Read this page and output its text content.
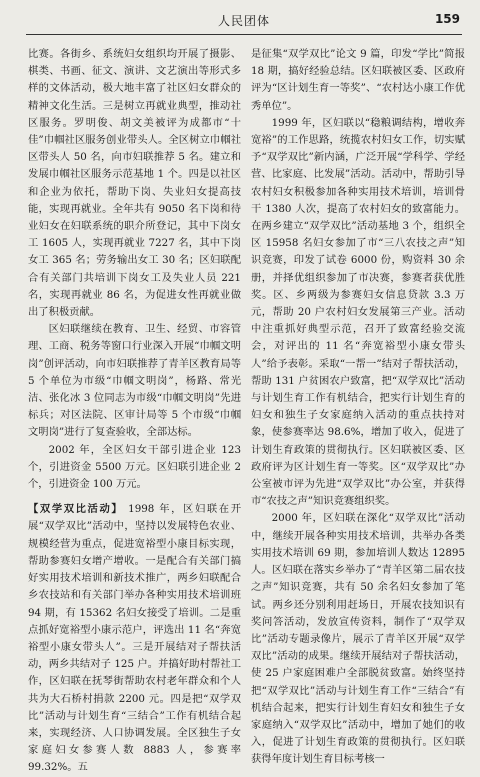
人民团体	159

比赛。各街乡、系统妇女组织均开展了摄影、棋类、书画、征文、演讲、文艺演出等形式多样的文体活动，极大地丰富了社区妇女群众的精神文化生活。三是树立再就业典型，推动社区服务。罗明俊、胡文美被评为成都市“十佳”巾帼社区服务创业带头人。全区树立巾帼社区带头人 50 名，向市妇联推荐 5 名。建立和发展巾帼社区服务示范基地 1 个。四是以社区和企业为依托，帮助下岗、失业妇女提高技能，实现再就业。全年共有 9050 名下岗和待业妇女在妇联系统的职介所登记，其中下岗女工 1605 人，实现再就业 7227 名，其中下岗女工 365 名；劳务输出女工 30 名；区妇联配合有关部门共培训下岗女工及失业人员 221 名，实现再就业 86 名，为促进女性再就业做出了积极贡献。

区妇联继续在教育、卫生、经贸、市容管理、工商、税务等窗口行业深入开展“巾帼文明岗”创评活动，向市妇联推荐了青羊区教育局等 5 个单位为市级“巾帼文明岗”，杨路、常光洁、张化冰 3 位同志为市级“巾帼文明岗”先进标兵；对区法院、区审计局等 5 个市级“巾帼文明岗”进行了复查验收，全部达标。

2002 年，全区妇女干部引进企业 123 个，引进资金 5500 万元。区妇联引进企业 2 个，引进资金 100 万元。

【双学双比活动】 1998 年，区妇联在开展“双学双比”活动中，坚持以发展特色农业、规模经营为重点，促进宽裕型小康目标实现，帮助参赛妇女增产增收。一是配合有关部门搞好实用技术培训和新技术推广，两乡妇联配合乡农技站和有关部门举办各种实用技术培训班 94 期，有 15362 名妇女接受了培训。二是重点抓好宽裕型小康示范户，评选出 11 名“奔宽裕型小康女带头人”。三是开展结对子帮扶活动，两乡共结对子 125 户。并搞好助村帮社工作，区妇联在抚琴街帮助农村老年群众和个人共为大石桥村捐款 2200 元。四是把“双学双比”活动与计划生育“三结合”工作有机结合起来，实现经济、人口协调发展。全区独生子女家庭妇女参赛人数 8883 人，参赛率 99.32%。五

是征集“双学双比”论文 9 篇，印发“学比”简报 18 期，搞好经验总结。区妇联被区委、区政府评为“区计划生育一等奖”、“农村达小康工作优秀单位”。

1999 年，区妇联以“稳粮调结构，增收奔宽裕”的工作思路，统揽农村妇女工作，切实赋予“双学双比”新内涵，广泛开展“学科学、学经营、比家庭、比发展”活动。活动中，帮助引导农村妇女积极参加各种实用技术培训，培训骨干 1380 人次，提高了农村妇女的致富能力。在两乡建立“双学双比”活动基地 3 个，组织全区 15958 名妇女参加了市“三八农技之声”知识竞赛，印发了试卷 6000 份，购资料 30 余册，并择优组织参加了市决赛，参赛者获优胜奖。区、乡两级为参赛妇女信息贷款 3.3 万元，帮助 20 户农村妇女发展第三产业。活动中注重抓好典型示范，召开了致富经验交流会，对评出的 11 名“奔宽裕型小康女带头人”给予表彰。采取“一帮一”结对子帮扶活动，帮助 131 户贫困农户致富，把“双学双比”活动与计划生育工作有机结合，把实行计划生育的妇女和独生子女家庭纳入活动的重点扶持对象，使参赛率达 98.6%，增加了收入，促进了计划生育政策的贯彻执行。区妇联被区委、区政府评为区计划生育一等奖。区“双学双比”办公室被市评为先进“双学双比”办公室，并获得市“农技之声”知识竞赛组织奖。

2000 年，区妇联在深化“双学双比”活动中，继续开展各种实用技术培训，共举办各类实用技术培训 69 期，参加培训人数达 12895 人。区妇联在落实乡举办了“青羊区第二届农技之声”知识竞赛，共有 50 余名妇女参加了笔试。两乡还分别利用赶场日，开展农技知识有奖问答活动，发放宣传资料，制作了“双学双比”活动专题录像片，展示了青羊区开展“双学双比”活动的成果。继续开展结对子帮扶活动，使 25 户家庭困难户全部脱贫致富。始终坚持把“双学双比”活动与计划生育工作“三结合”有机结合起来，把实行计划生育妇女和独生子女家庭纳入“双学双比”活动中，增加了她们的收入，促进了计划生育政策的贯彻执行。区妇联获得年度计划生育目标考核一
